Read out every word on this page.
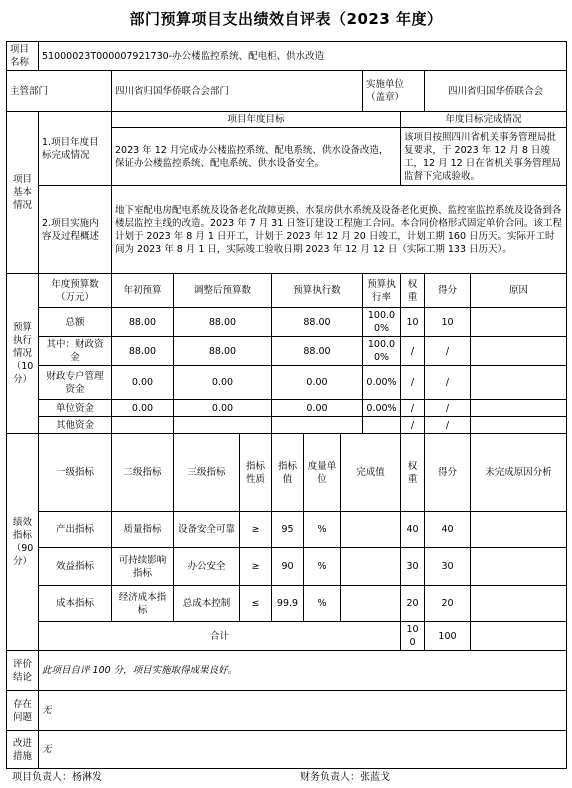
部门预算项目支出绩效自评表（2023 年度）
项目名称	51000023T000007921730-办公楼监控系统、配电柜、供水改造										
主管部门		四川省归国华侨联合会部门						实施单位（盖章）		四川省归国华侨联合会	
项目基本情况	1.项目年度目标完成情况	项目年度目标							年度目标完成情况		
		2023 年 12 月完成办公楼监控系统、配电系统、供水设备改造，保证办公楼监控系统、配电系统、供水设备安全。							该项目按照四川省机关事务管理局批复要求，于 2023 年 12 月 8 日竣工，12 月 12 日在省机关事务管理局监督下完成验收。		
	2.项目实施内容及过程概述	地下室配电房配电系统及设备老化故障更换、水泵房供水系统及设备老化更换、监控室监控系统及设备到各楼层监控主线的改造。2023 年 7 月 31 日签订建设工程施工合同。本合同价格形式固定单价合同。该工程计划于 2023 年 8 月 1 日开工，计划于 2023 年 12 月 20 日竣工，计划工期 160 日历天。实际开工时间为 2023 年 8 月 1 日，实际竣工验收日期 2023 年 12 月 12 日（实际工期 133 日历天）。									
预算执行情况（10分）	年度预算数（万元）	年初预算	调整后预算数		预算执行数			预算执行率	权重	得分	原因
	总额	88.00	88.00		88.00			100.00%	10	10	
	其中：财政资金	88.00	88.00		88.00			100.00%	/	/	
	财政专户管理资金	0.00	0.00		0.00			0.00%	/	/	
	单位资金	0.00	0.00		0.00			0.00%	/	/	
	其他资金								/	/	
绩效指标（90分）	一级指标	二级指标	三级指标	指标性质	指标值	度量单位	完成值		权重	得分	未完成原因分析
	产出指标	质量指标	设备安全可靠	≥	95	%			40	40	
	效益指标	可持续影响指标	办公安全	≥	90	%			30	30	
	成本指标	经济成本指标	总成本控制	≤	99.9	%			20	20	
	合计								100	100	
评价结论	此项目自评 100 分，项目实施取得成果良好。										
存在问题	无										
改进措施	无										
项目负责人：杨淋发	财务负责人：张蓝戈
